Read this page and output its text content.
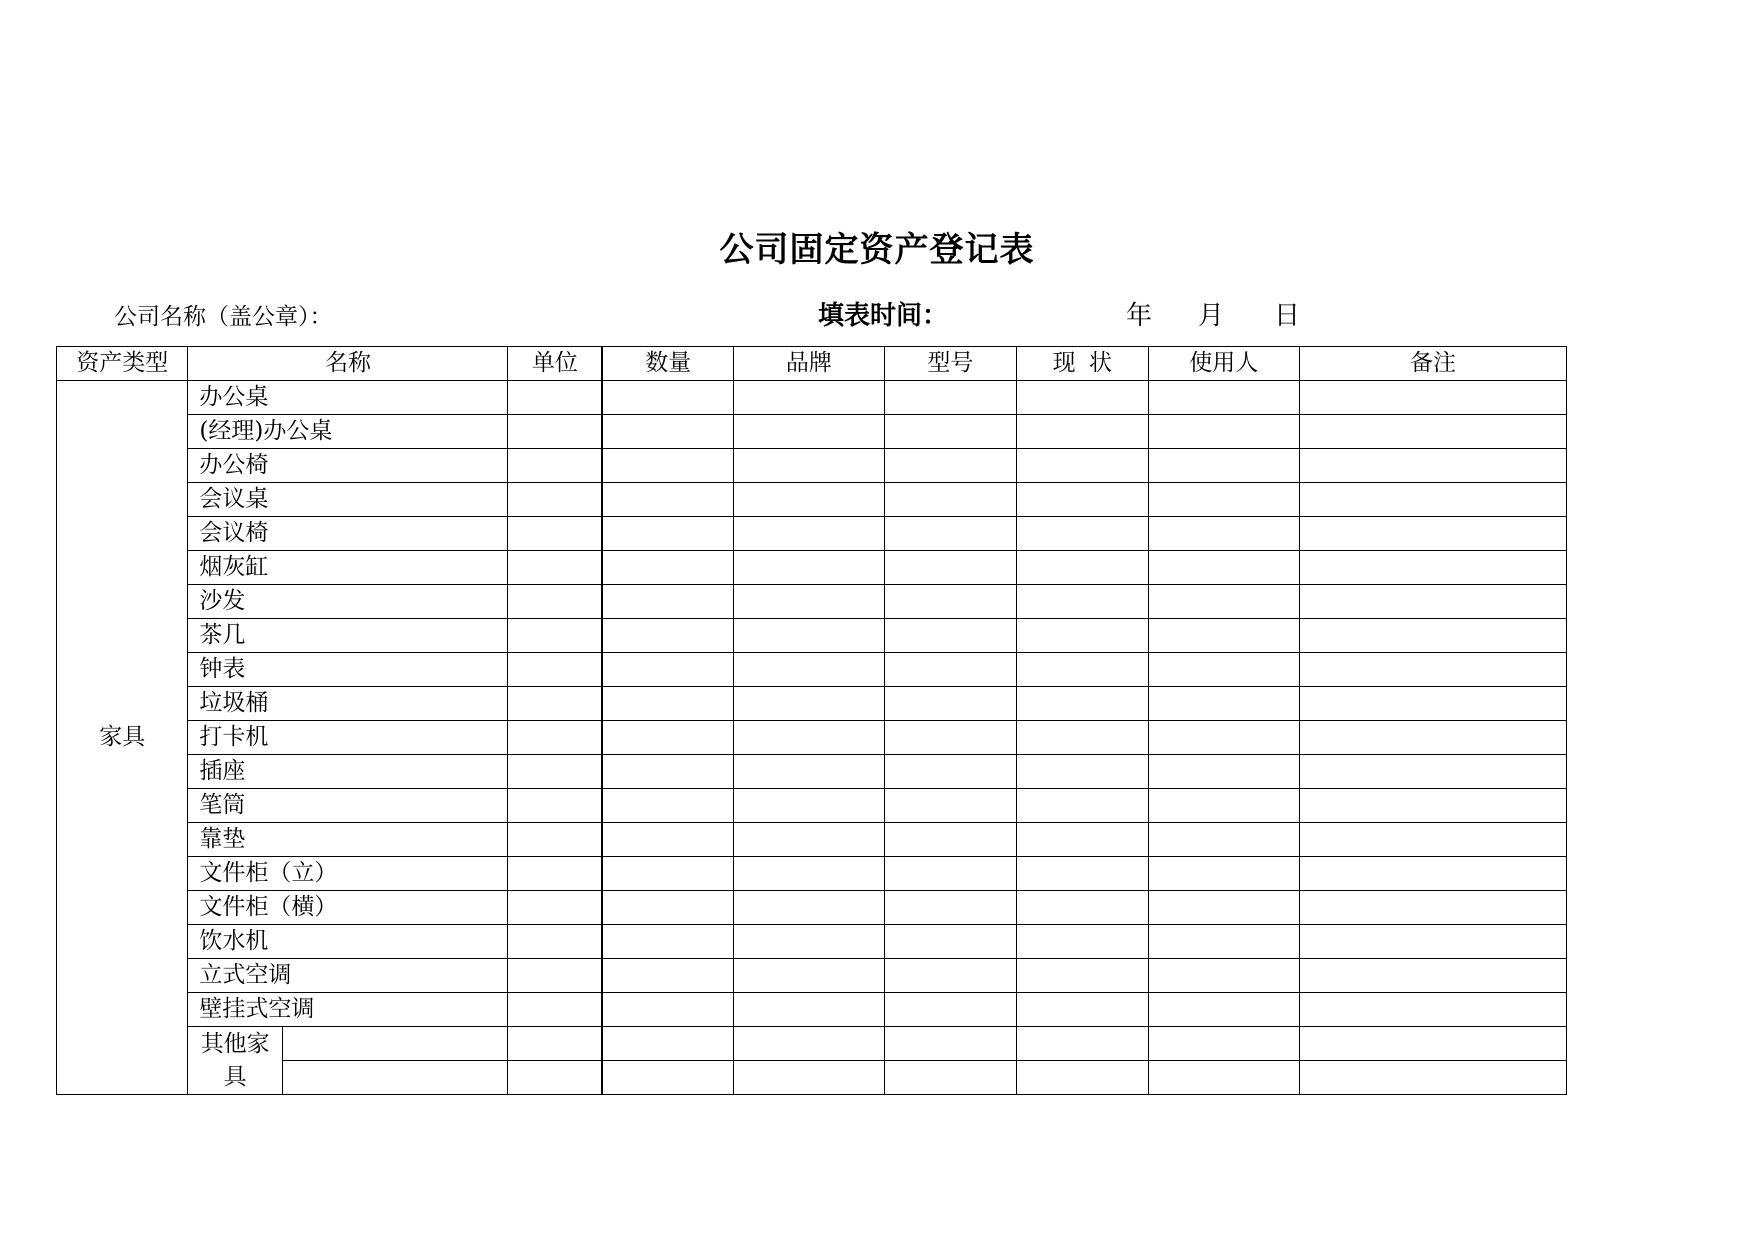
公司固定资产登记表
公司名称（盖公章）：	填表时间：	年 月 日
资产类型	名称		单位	数量	品牌	型号	现 状	使用人	备注
家具	办公桌								
	(经理)办公桌								
	办公椅								
	会议桌								
	会议椅								
	烟灰缸								
	沙发								
	茶几								
	钟表								
	垃圾桶								
	打卡机								
	插座								
	笔筒								
	靠垫								
	文件柜（立）								
	文件柜（横）								
	饮水机								
	立式空调								
	壁挂式空调								
	其他家具								
